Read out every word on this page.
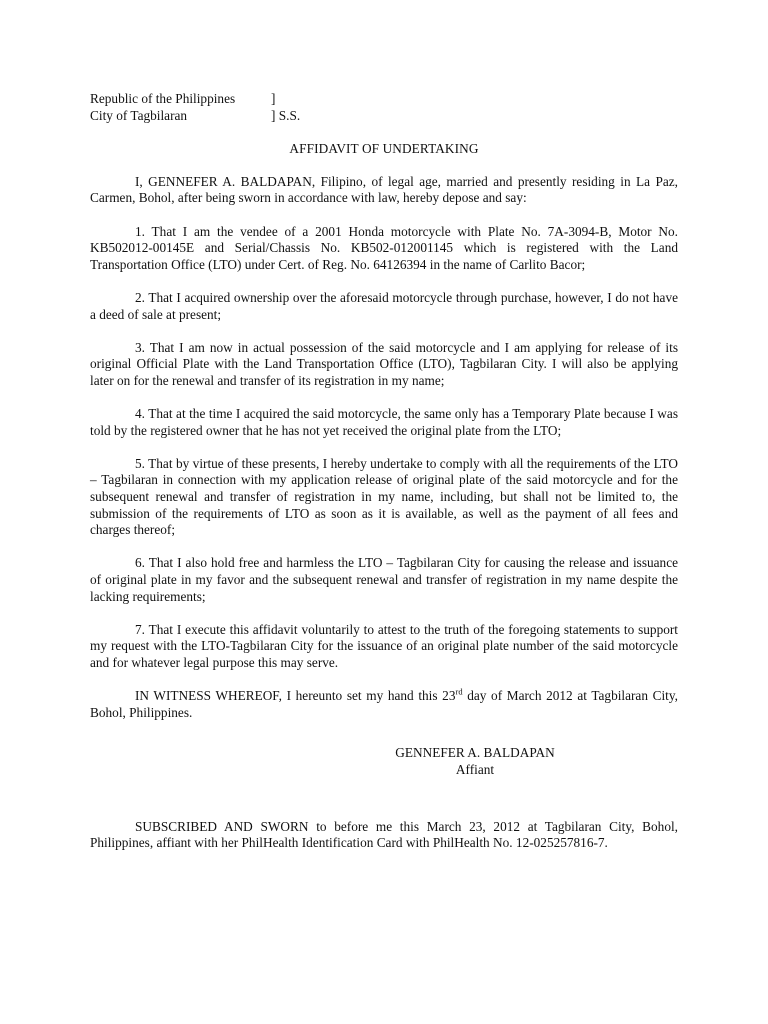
Republic of the Philippines	]
City of Tagbilaran	] S.S.
AFFIDAVIT OF UNDERTAKING

I, GENNEFER A. BALDAPAN, Filipino, of legal age, married and presently residing in La Paz, Carmen, Bohol, after being sworn in accordance with law, hereby depose and say:

1. That I am the vendee of a 2001 Honda motorcycle with Plate No. 7A-3094-B, Motor No. KB502012-00145E and Serial/Chassis No. KB502-012001145 which is registered with the Land Transportation Office (LTO) under Cert. of Reg. No. 64126394 in the name of Carlito Bacor;

2. That I acquired ownership over the aforesaid motorcycle through purchase, however, I do not have a deed of sale at present;

3. That I am now in actual possession of the said motorcycle and I am applying for release of its original Official Plate with the Land Transportation Office (LTO), Tagbilaran City. I will also be applying later on for the renewal and transfer of its registration in my name;

4. That at the time I acquired the said motorcycle, the same only has a Temporary Plate because I was told by the registered owner that he has not yet received the original plate from the LTO;

5. That by virtue of these presents, I hereby undertake to comply with all the requirements of the LTO – Tagbilaran in connection with my application release of original plate of the said motorcycle and for the subsequent renewal and transfer of registration in my name, including, but shall not be limited to, the submission of the requirements of LTO as soon as it is available, as well as the payment of all fees and charges thereof;

6. That I also hold free and harmless the LTO – Tagbilaran City for causing the release and issuance of original plate in my favor and the subsequent renewal and transfer of registration in my name despite the lacking requirements;

7. That I execute this affidavit voluntarily to attest to the truth of the foregoing statements to support my request with the LTO-Tagbilaran City for the issuance of an original plate number of the said motorcycle and for whatever legal purpose this may serve.

IN WITNESS WHEREOF, I hereunto set my hand this 23rd day of March 2012 at Tagbilaran City, Bohol, Philippines.

GENNEFER A. BALDAPAN
Affiant

SUBSCRIBED AND SWORN to before me this March 23, 2012 at Tagbilaran City, Bohol, Philippines, affiant with her PhilHealth Identification Card with PhilHealth No. 12-025257816-7.
